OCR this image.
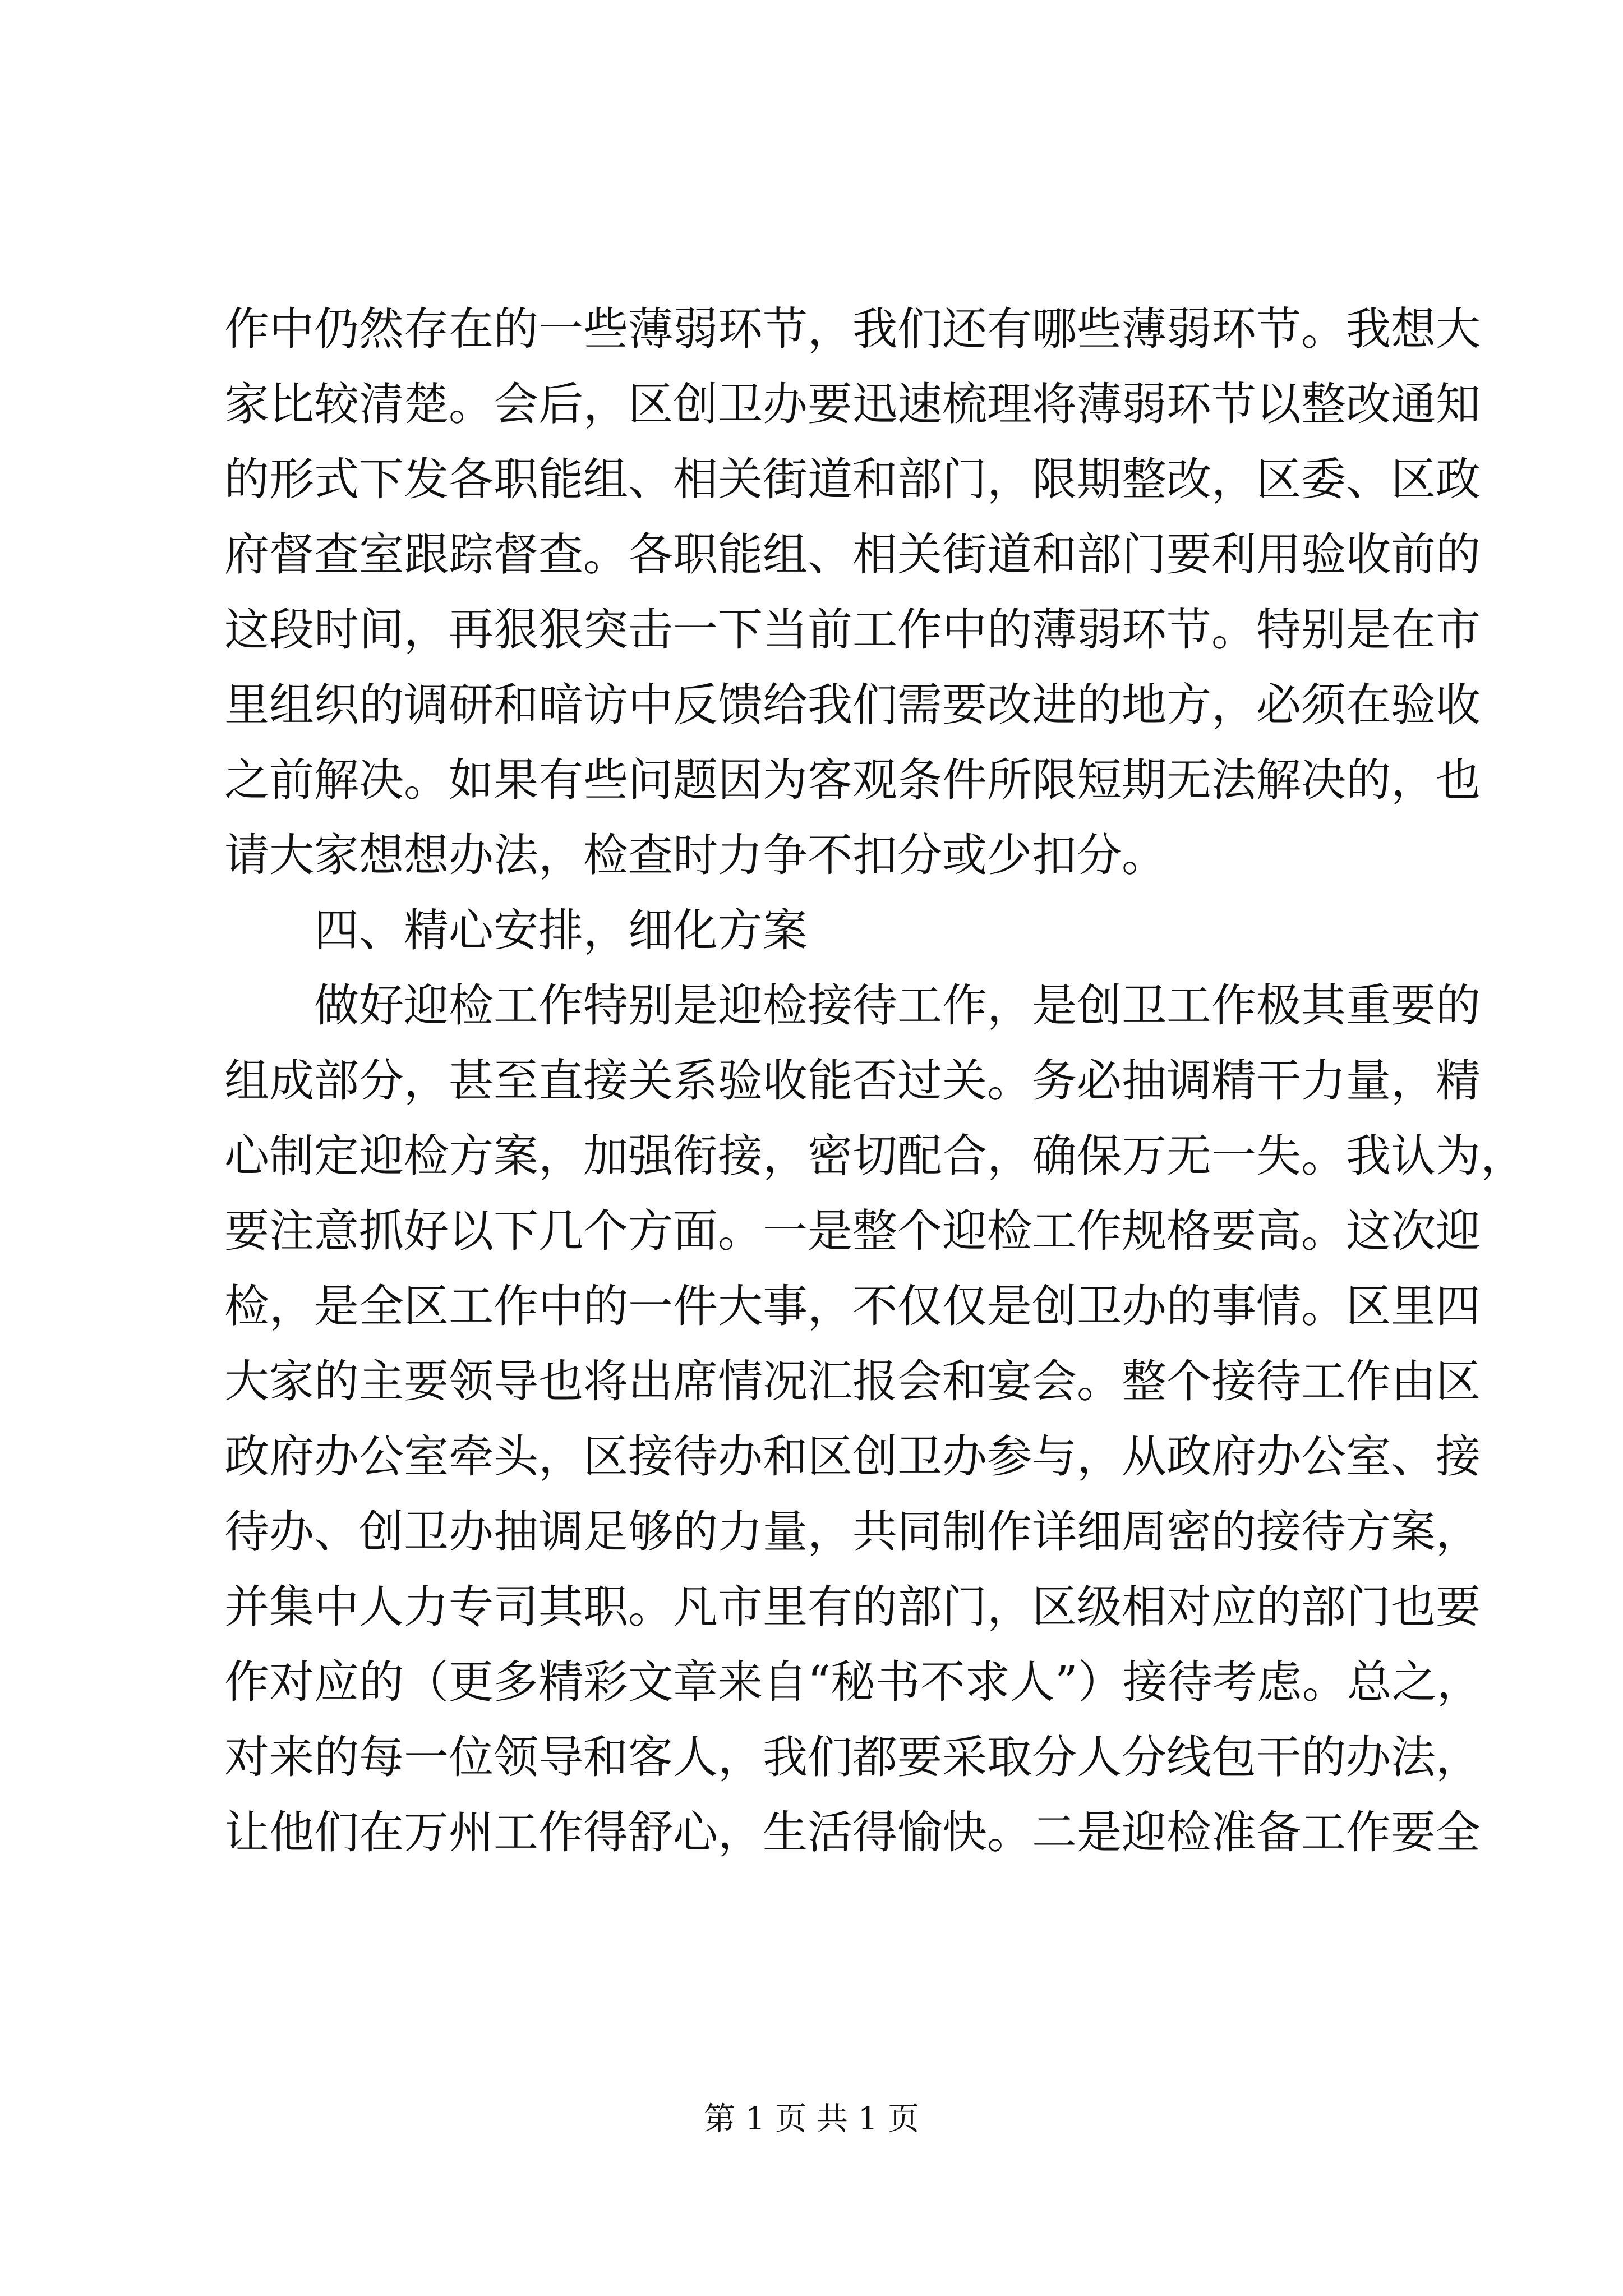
作中仍然存在的一些薄弱环节，我们还有哪些薄弱环节。我想大
家比较清楚。会后，区创卫办要迅速梳理将薄弱环节以整改通知
的形式下发各职能组、相关街道和部门，限期整改，区委、区政
府督查室跟踪督查。各职能组、相关街道和部门要利用验收前的
这段时间，再狠狠突击一下当前工作中的薄弱环节。特别是在市
里组织的调研和暗访中反馈给我们需要改进的地方，必须在验收
之前解决。如果有些问题因为客观条件所限短期无法解决的，也
请大家想想办法，检查时力争不扣分或少扣分。
四、精心安排，细化方案
做好迎检工作特别是迎检接待工作，是创卫工作极其重要的
组成部分，甚至直接关系验收能否过关。务必抽调精干力量，精
心制定迎检方案，加强衔接，密切配合，确保万无一失。我认为，
要注意抓好以下几个方面。一是整个迎检工作规格要高。这次迎
检，是全区工作中的一件大事，不仅仅是创卫办的事情。区里四
大家的主要领导也将出席情况汇报会和宴会。整个接待工作由区
政府办公室牵头，区接待办和区创卫办参与，从政府办公室、接
待办、创卫办抽调足够的力量，共同制作详细周密的接待方案，
并集中人力专司其职。凡市里有的部门，区级相对应的部门也要
作对应的（更多精彩文章来自“秘书不求人”）接待考虑。总之，
对来的每一位领导和客人，我们都要采取分人分线包干的办法，
让他们在万州工作得舒心，生活得愉快。二是迎检准备工作要全
第 1 页 共 1 页
